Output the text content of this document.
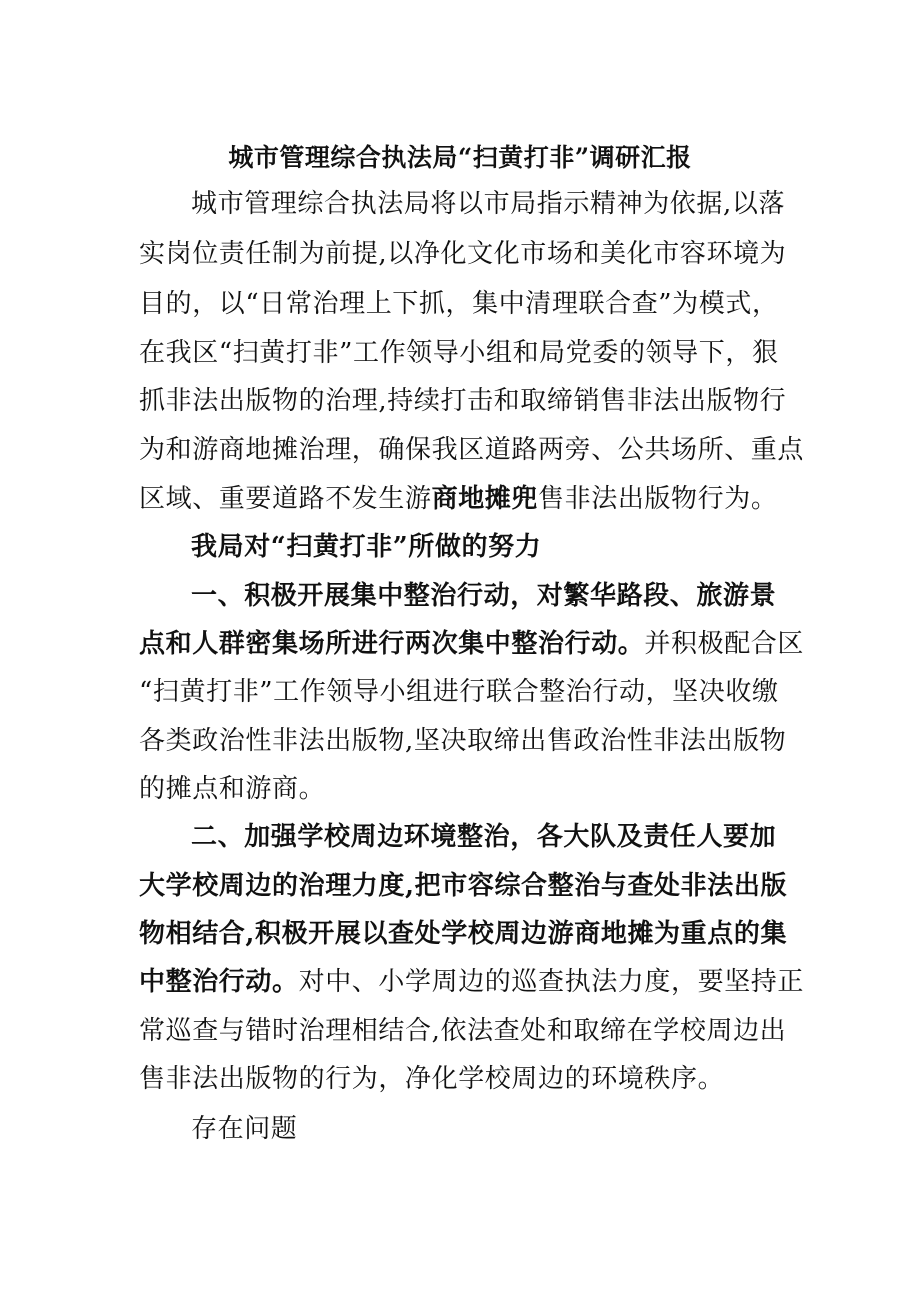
城市管理综合执法局“扫黄打非”调研汇报
城市管理综合执法局将以市局指示精神为依据,以落
实岗位责任制为前提,以净化文化市场和美化市容环境为
目的，以“日常治理上下抓，集中清理联合查”为模式，
在我区“扫黄打非”工作领导小组和局党委的领导下，狠
抓非法出版物的治理,持续打击和取缔销售非法出版物行
为和游商地摊治理，确保我区道路两旁、公共场所、重点
区域、重要道路不发生游商地摊兜售非法出版物行为。
我局对“扫黄打非”所做的努力
一、积极开展集中整治行动，对繁华路段、旅游景
点和人群密集场所进行两次集中整治行动。并积极配合区
“扫黄打非”工作领导小组进行联合整治行动，坚决收缴
各类政治性非法出版物,坚决取缔出售政治性非法出版物
的摊点和游商。
二、加强学校周边环境整治，各大队及责任人要加
大学校周边的治理力度,把市容综合整治与查处非法出版
物相结合,积极开展以查处学校周边游商地摊为重点的集
中整治行动。对中、小学周边的巡查执法力度，要坚持正
常巡查与错时治理相结合,依法查处和取缔在学校周边出
售非法出版物的行为，净化学校周边的环境秩序。
存在问题
